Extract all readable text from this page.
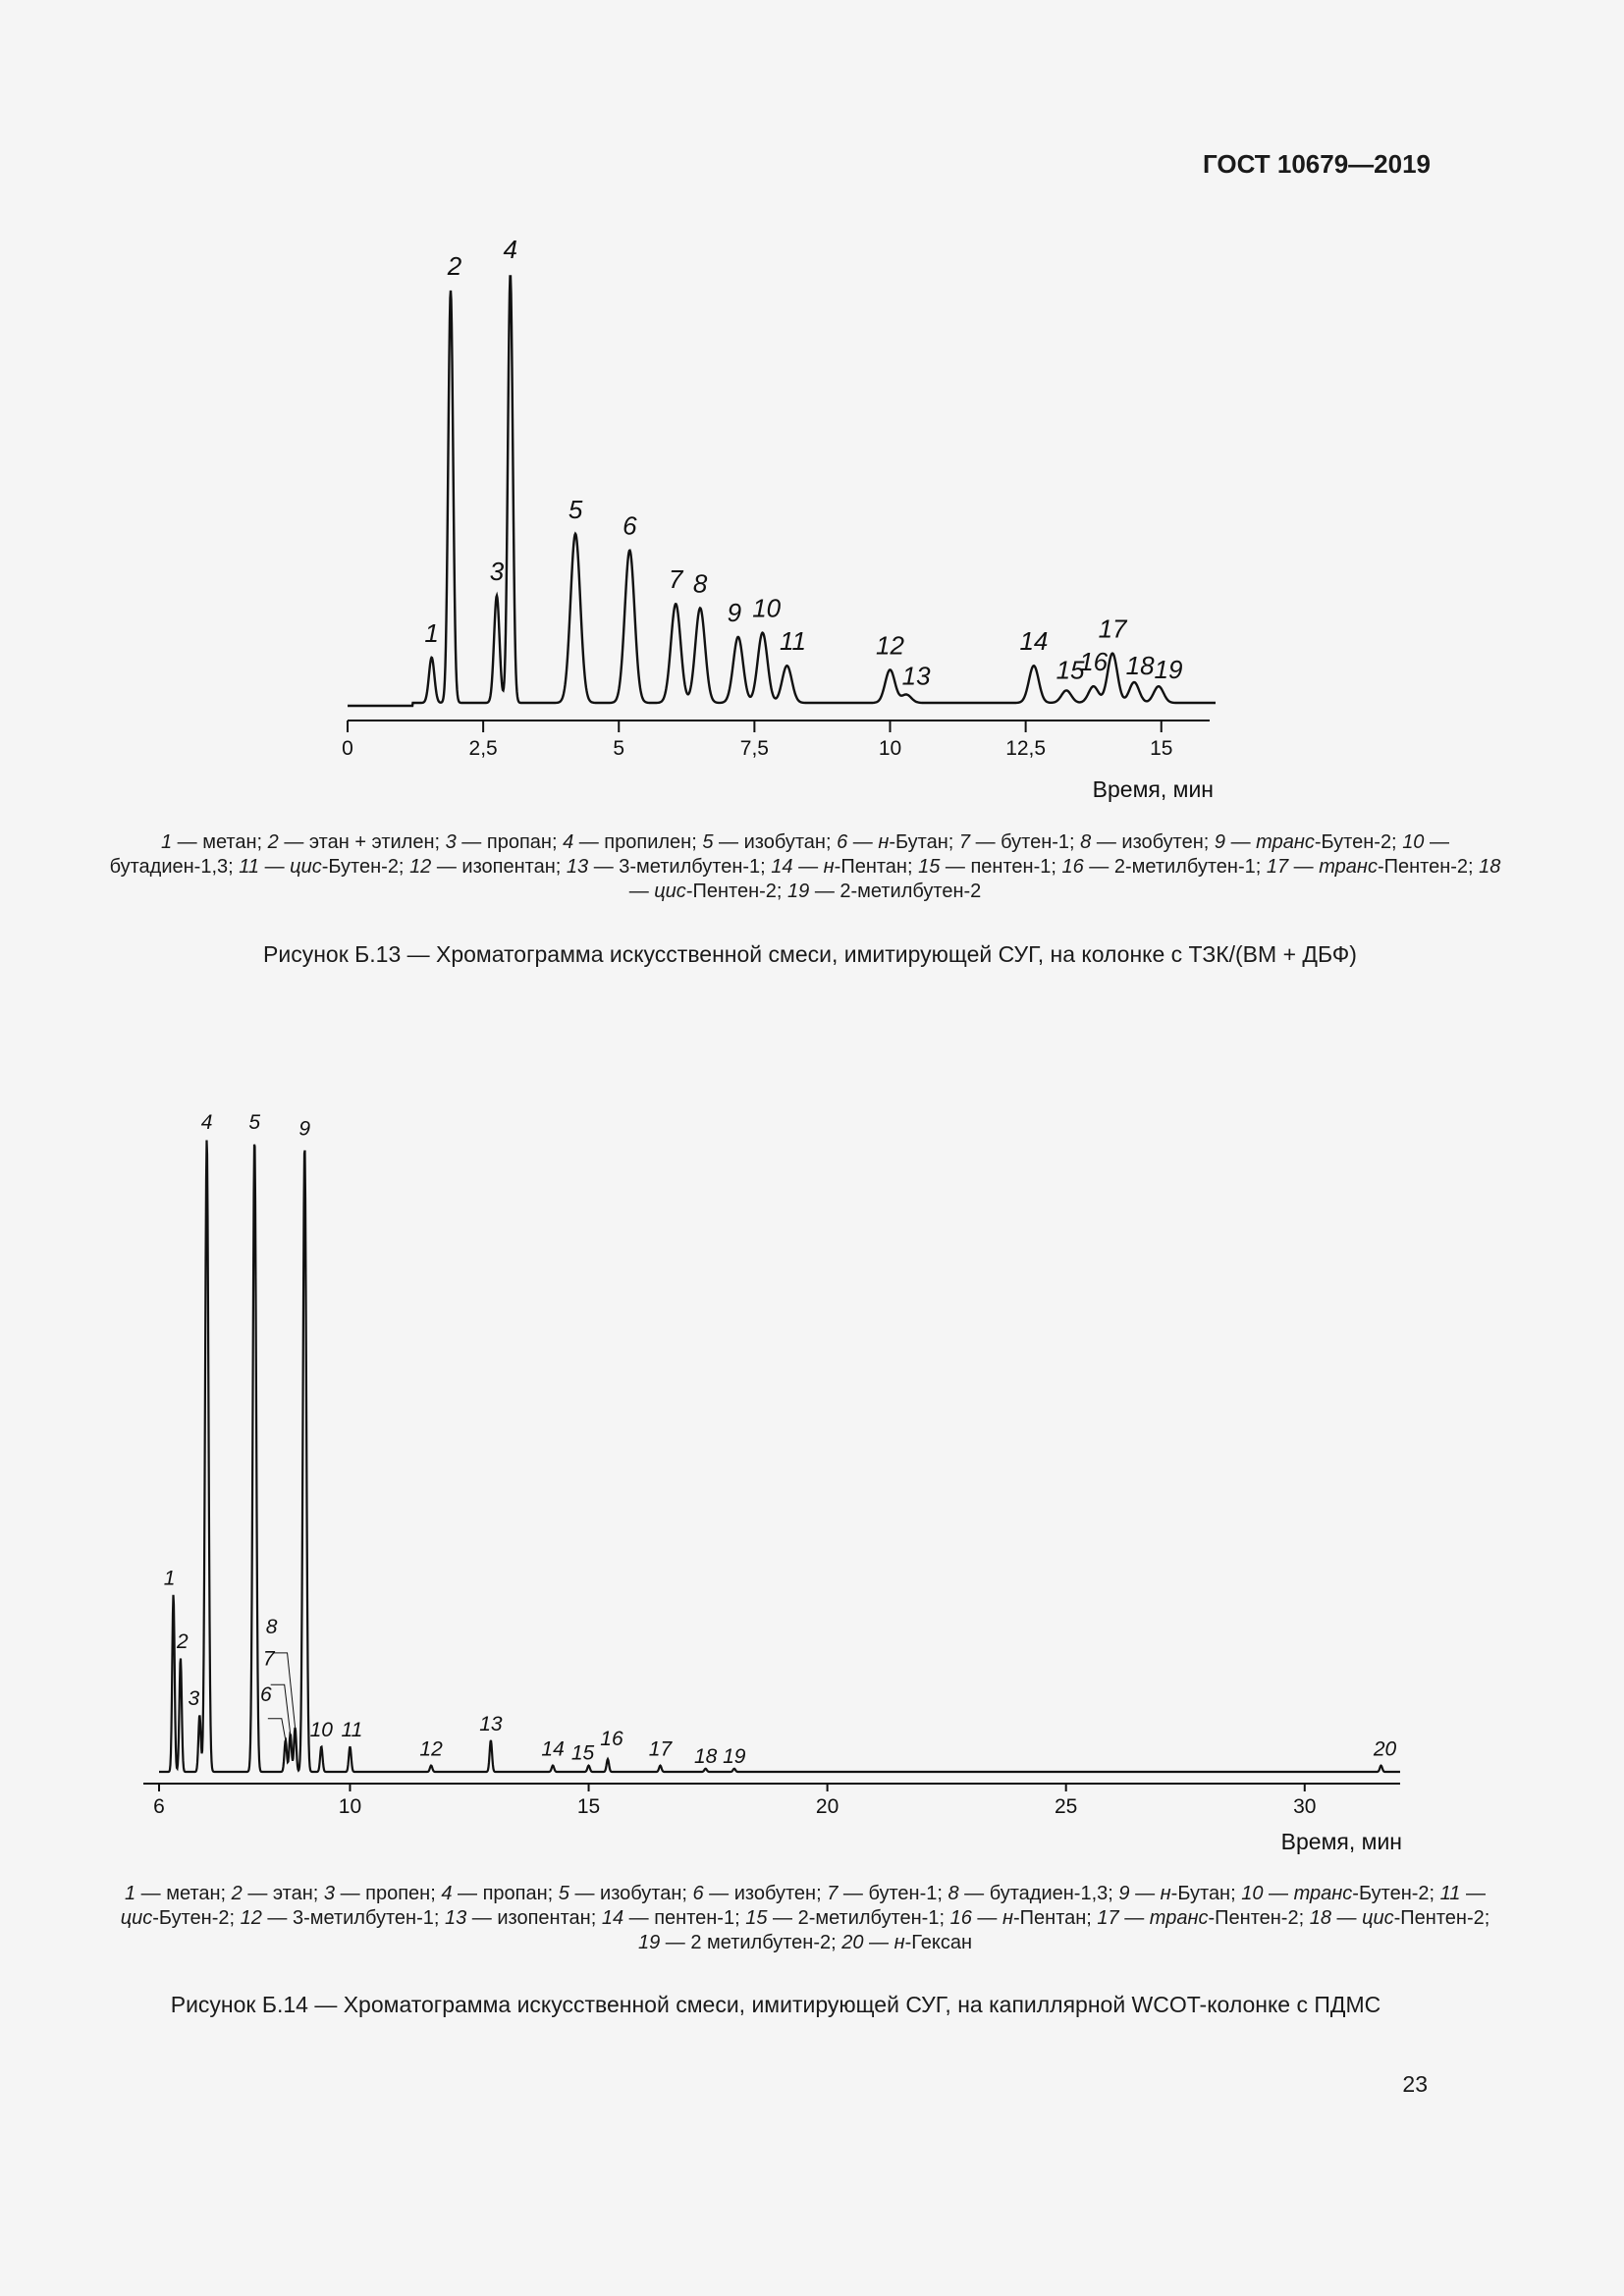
ГОСТ 10679—2019
0	2,5	5	7,5	10	12,5	15
1
2
3
4
5
6
7 8
9 10
11	12
13
14
15
16
17
18 19
Время, мин
1 — метан; 2 — этан + этилен; 3 — пропан; 4 — пропилен; 5 — изобутан; 6 — н-Бутан; 7 — бутен-1; 8 — изобутен; 9 — транс-Бутен-2; 10 — бутадиен-1,3; 11 — цис-Бутен-2; 12 — изопентан; 13 — 3-метилбутен-1; 14 — н-Пентан; 15 — пентен-1; 16 — 2-метилбутен-1; 17 — транс-Пентен-2; 18 — цис-Пентен-2; 19 — 2-метилбутен-2
Рисунок Б.13 — Хроматограмма искусственной смеси, имитирующей СУГ, на колонке с ТЗК/(ВМ + ДБФ)
6	10	15	20	25	30
1
2
3
4 5
6
7
8
9
10 11
12
13
14 15
16 17 18 19	20
Время, мин
1 — метан; 2 — этан; 3 — пропен; 4 — пропан; 5 — изобутан; 6 — изобутен; 7 — бутен-1; 8 — бутадиен-1,3; 9 — н-Бутан; 10 — транс-Бутен-2; 11 — цис-Бутен-2; 12 — 3-метилбутен-1; 13 — изопентан; 14 — пентен-1; 15 — 2-метилбутен-1; 16 — н-Пентан; 17 — транс-Пентен-2; 18 — цис-Пентен-2; 19 — 2 метилбутен-2; 20 — н-Гексан
Рисунок Б.14 — Хроматограмма искусственной смеси, имитирующей СУГ, на капиллярной WCOT-колонке с ПДМС
23
